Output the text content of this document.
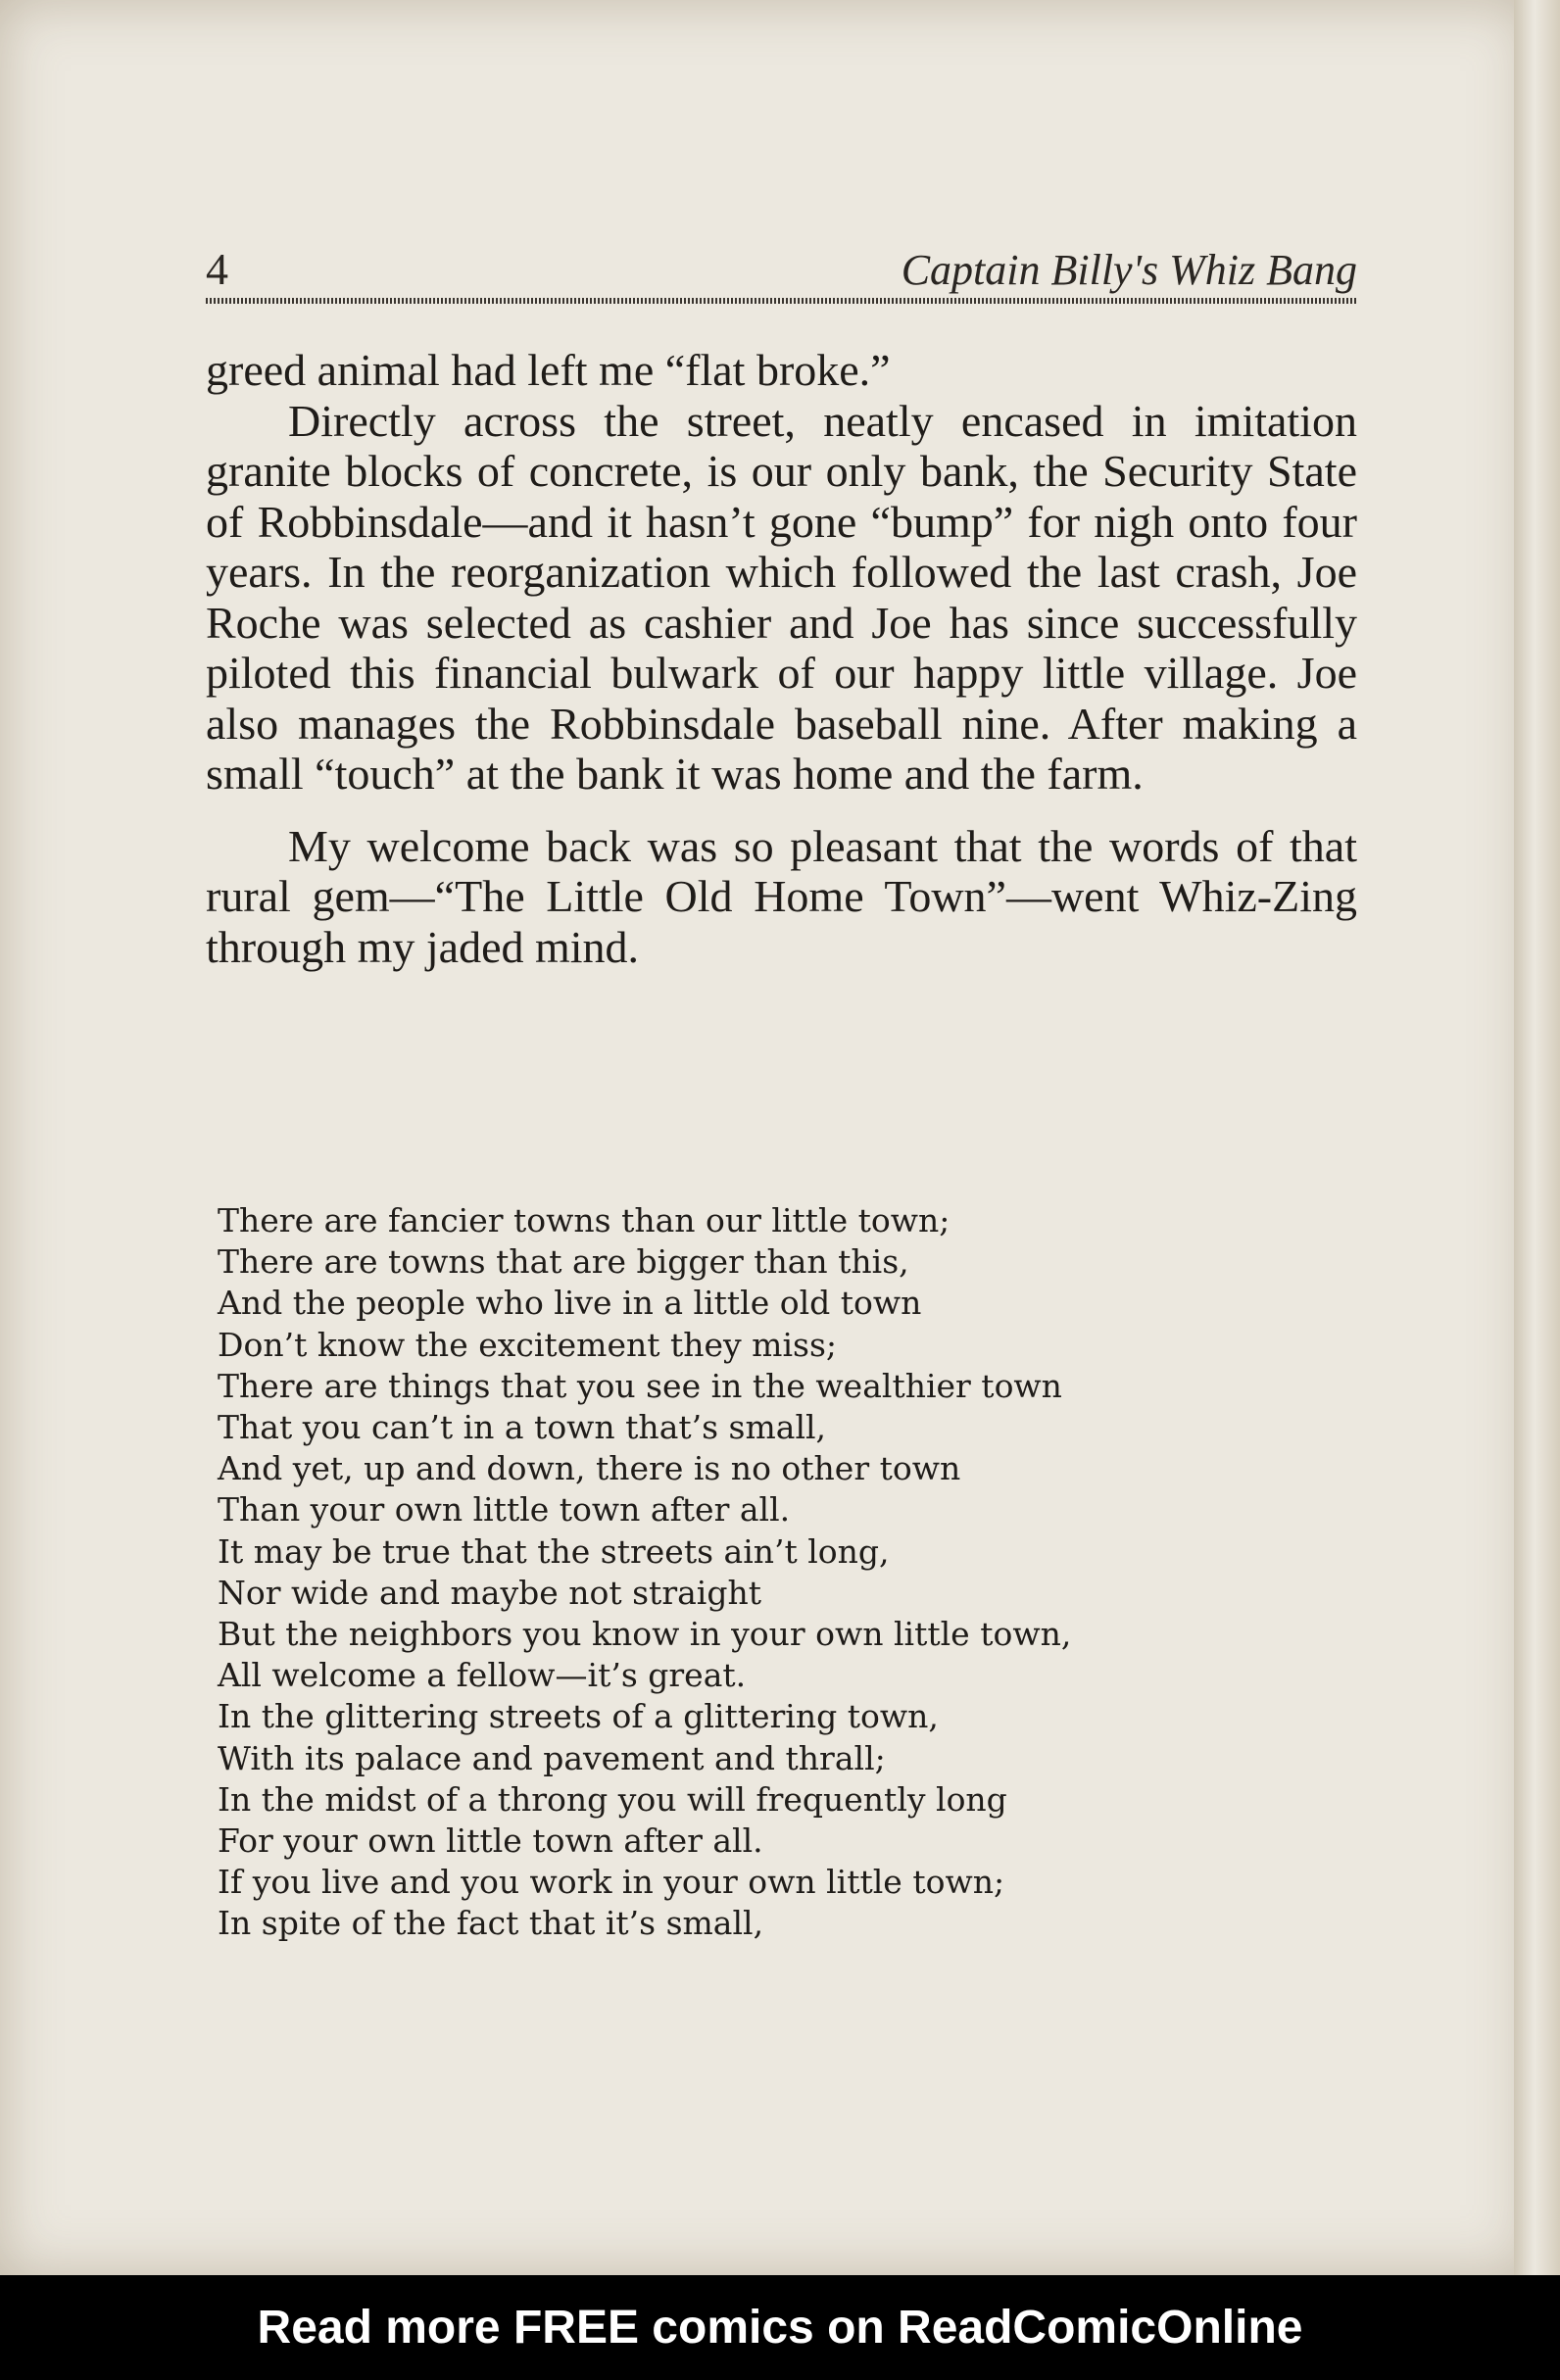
4	Captain Billy's Whiz Bang

greed animal had left me “flat broke.”

Directly across the street, neatly encased in imitation granite blocks of concrete, is our only bank, the Security State of Robbinsdale—and it hasn’t gone “bump” for nigh onto four years. In the reorganization which followed the last crash, Joe Roche was selected as cashier and Joe has since successfully piloted this financial bulwark of our happy little village. Joe also manages the Robbinsdale baseball nine. After making a small “touch” at the bank it was home and the farm.

My welcome back was so pleasant that the words of that rural gem—“The Little Old Home Town”—went Whiz-Zing through my jaded mind.

There are fancier towns than our little town;
There are towns that are bigger than this,
And the people who live in a little old town
Don’t know the excitement they miss;
There are things that you see in the wealthier town
That you can’t in a town that’s small,
And yet, up and down, there is no other town
Than your own little town after all.
It may be true that the streets ain’t long,
Nor wide and maybe not straight
But the neighbors you know in your own little town,
All welcome a fellow—it’s great.
In the glittering streets of a glittering town,
With its palace and pavement and thrall;
In the midst of a throng you will frequently long
For your own little town after all.
If you live and you work in your own little town;
In spite of the fact that it’s small,
Read more FREE comics on ReadComicOnline
